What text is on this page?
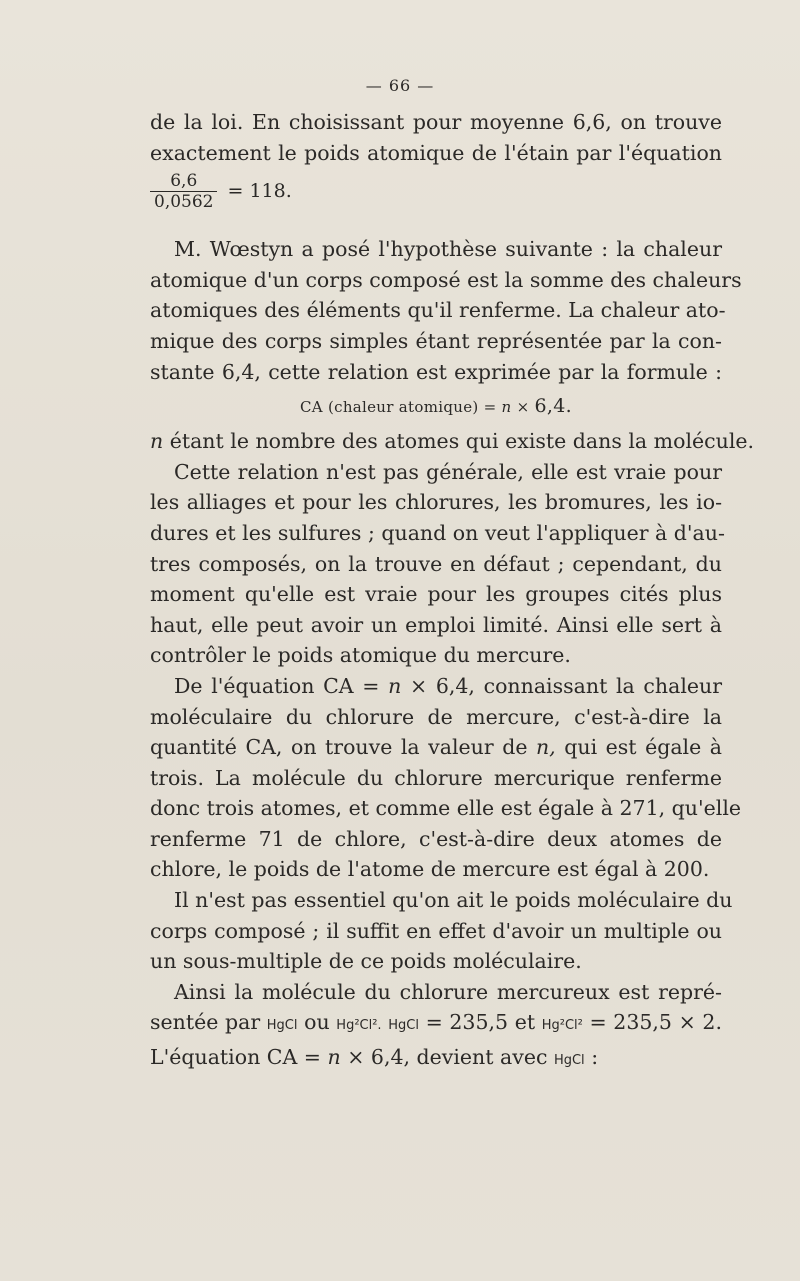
— 66 —
de la loi. En choisissant pour moyenne 6,6, on trouve
exactement le poids atomique de l'étain par l'équation
$\frac{6,6}{0,0562} = 118$.
M. Wœstyn a posé l'hypothèse suivante : la chaleur
atomique d'un corps composé est la somme des chaleurs
atomiques des éléments qu'il renferme. La chaleur ato-
mique des corps simples étant représentée par la con-
stante 6,4, cette relation est exprimée par la formule :
CA (chaleur atomique) = n × 6,4.
n étant le nombre des atomes qui existe dans la molécule.
Cette relation n'est pas générale, elle est vraie pour
les alliages et pour les chlorures, les bromures, les io-
dures et les sulfures ; quand on veut l'appliquer à d'au-
tres composés, on la trouve en défaut ; cependant, du
moment qu'elle est vraie pour les groupes cités plus
haut, elle peut avoir un emploi limité. Ainsi elle sert à
contrôler le poids atomique du mercure.
De l'équation CA = n × 6,4, connaissant la chaleur
moléculaire du chlorure de mercure, c'est-à-dire la
quantité CA, on trouve la valeur de n, qui est égale à
trois. La molécule du chlorure mercurique renferme
donc trois atomes, et comme elle est égale à 271, qu'elle
renferme 71 de chlore, c'est-à-dire deux atomes de
chlore, le poids de l'atome de mercure est égal à 200.
Il n'est pas essentiel qu'on ait le poids moléculaire du
corps composé ; il suffit en effet d'avoir un multiple ou
un sous-multiple de ce poids moléculaire.
Ainsi la molécule du chlorure mercureux est repré-
sentée par HgCl ou Hg²Cl². HgCl = 235,5 et Hg²Cl² = 235,5 × 2.
L'équation CA = n × 6,4, devient avec HgCl :
